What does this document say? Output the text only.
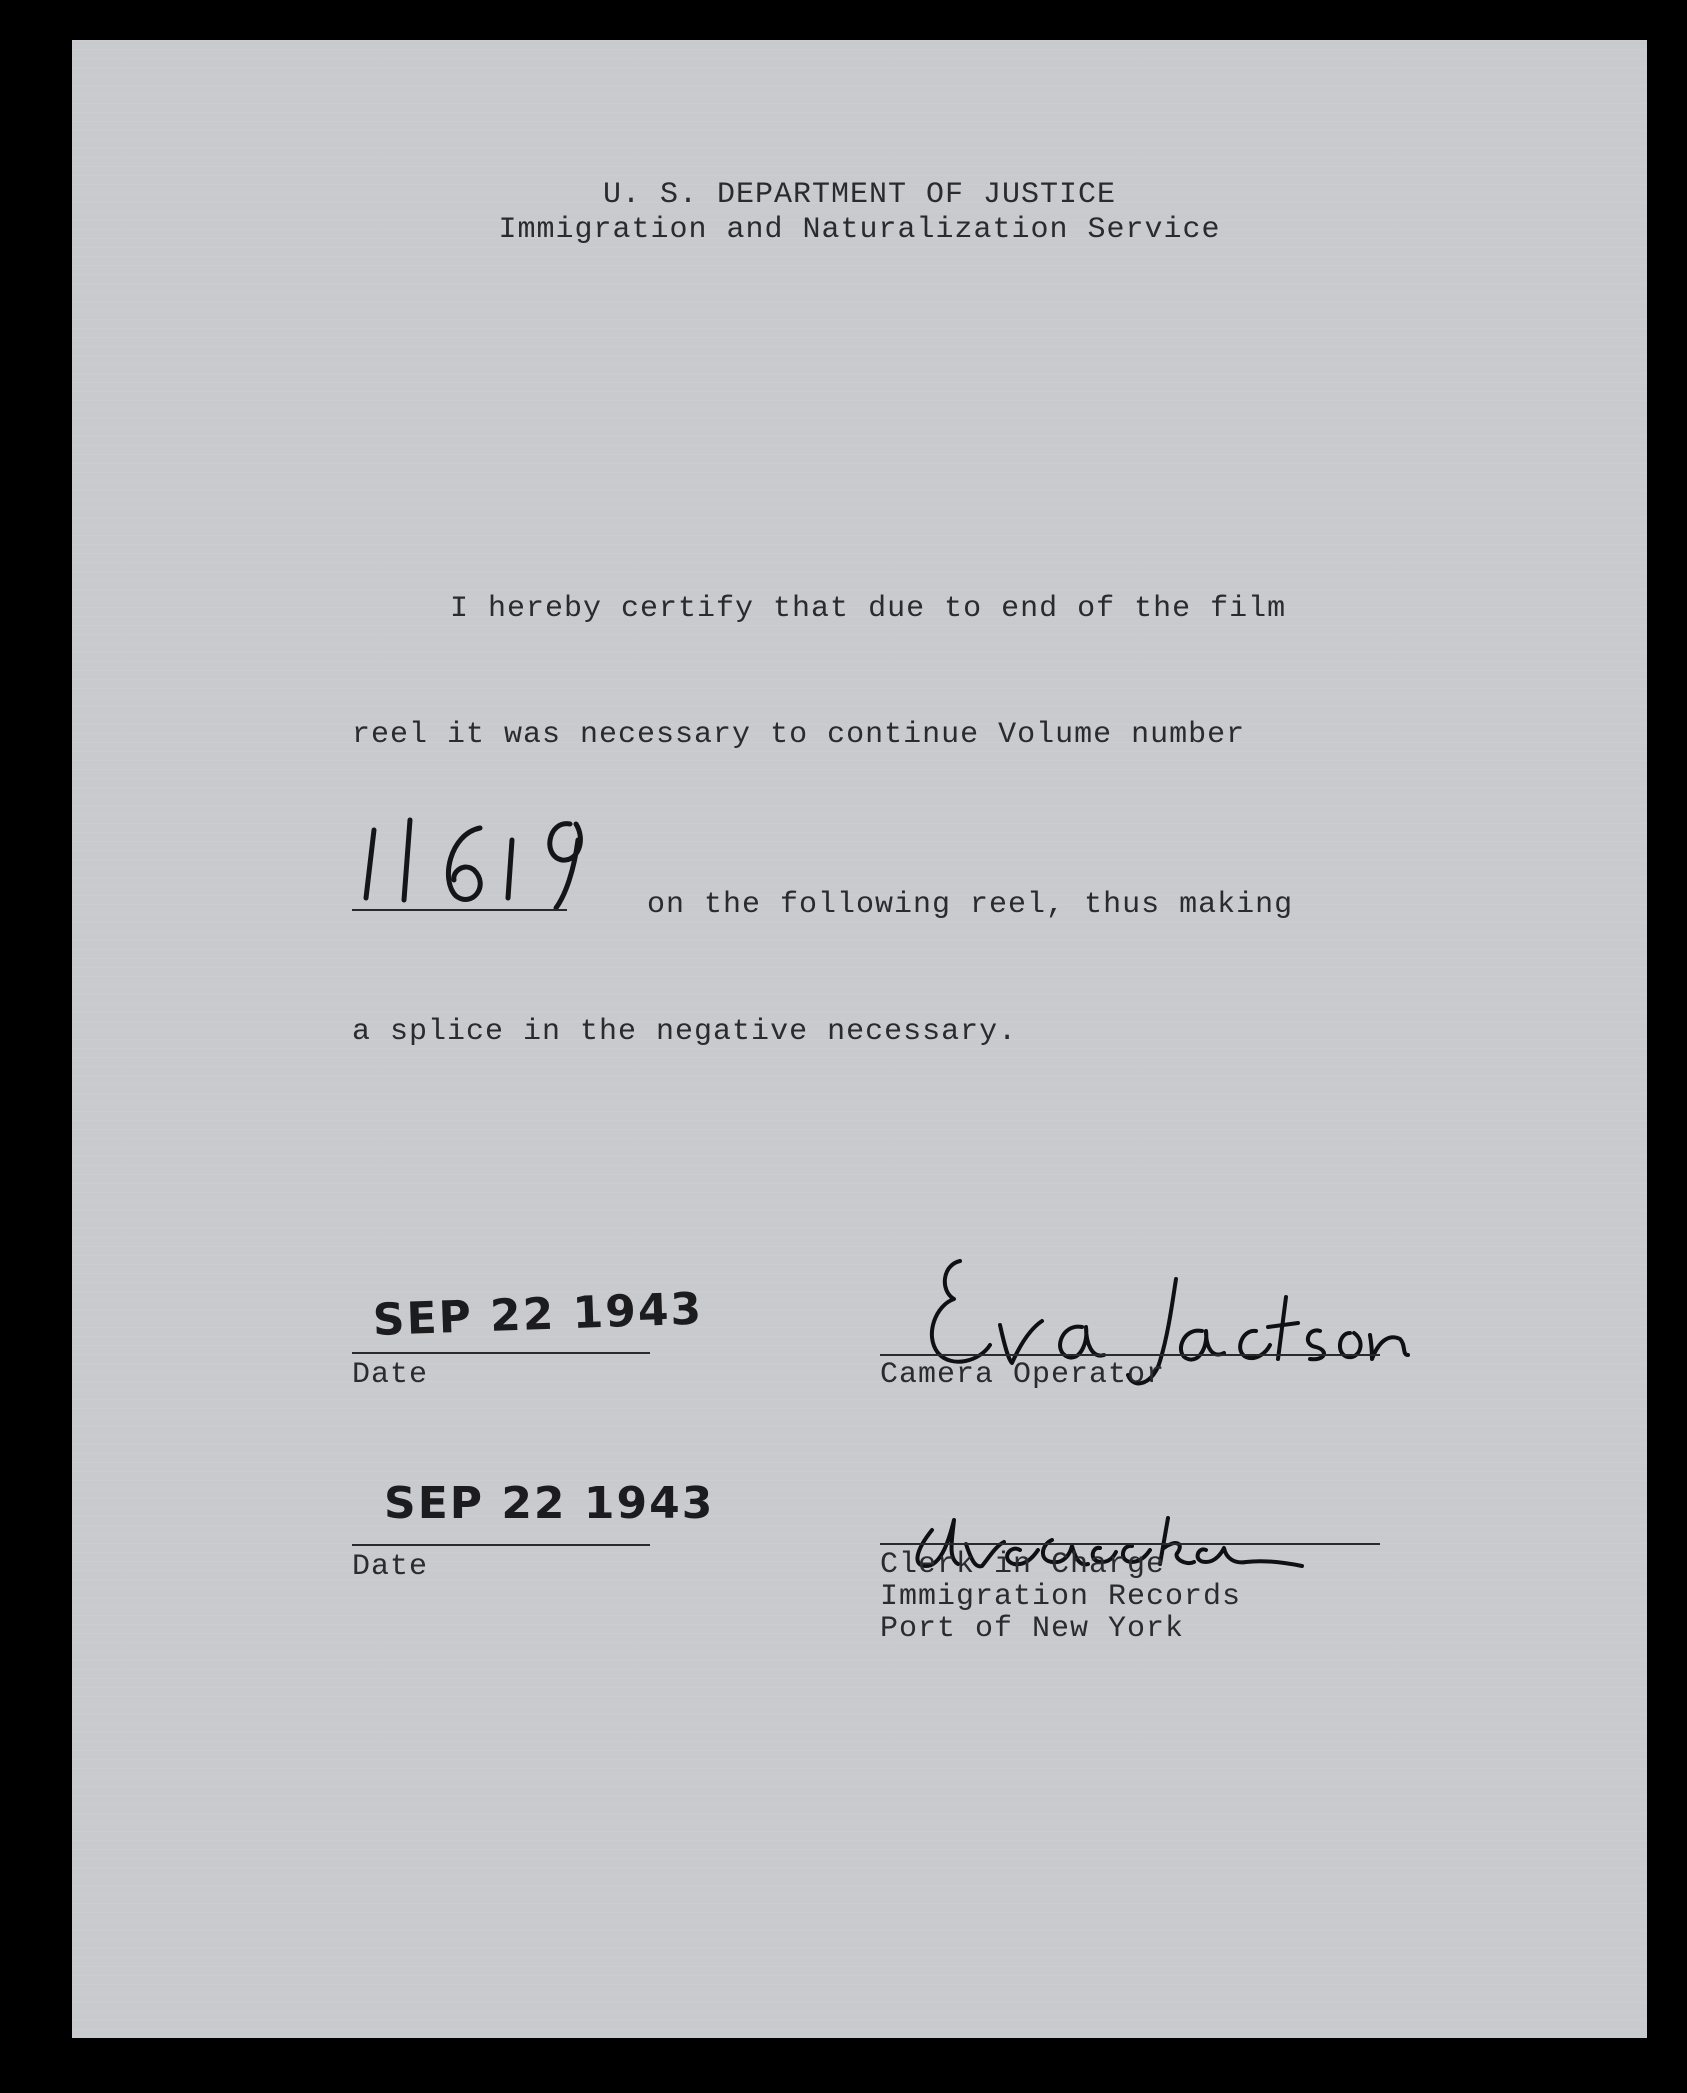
U. S. DEPARTMENT OF JUSTICE
Immigration and Naturalization Service
I hereby certify that due to end of the film
reel it was necessary to continue Volume number
on the following reel, thus making
a splice in the negative necessary.
SEP 22 1943
Date	Camera Operator
SEP 22 1943
Date	Clerk in Charge
Immigration Records
Port of New York
